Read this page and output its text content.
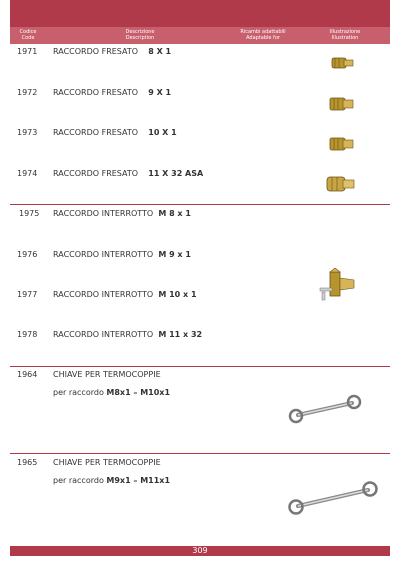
Codice
Code
Descrizione
Description
Ricambi adattabili
Adaptable for
Illustrazione
Illustration
1971 RACCORDO FRESATO 8 X 1
1972 RACCORDO FRESATO 9 X 1
1973 RACCORDO FRESATO 10 X 1
1974 RACCORDO FRESATO 11 X 32 ASA
1975 RACCORDO INTERROTTO M 8 x 1
1976 RACCORDO INTERROTTO M 9 x 1
1977 RACCORDO INTERROTTO M 10 x 1
1978 RACCORDO INTERROTTO M 11 x 32
1964 CHIAVE PER TERMOCOPPIE
per raccordo M8x1 – M10x1
1965 CHIAVE PER TERMOCOPPIE
per raccordo M9x1 – M11x1
309
